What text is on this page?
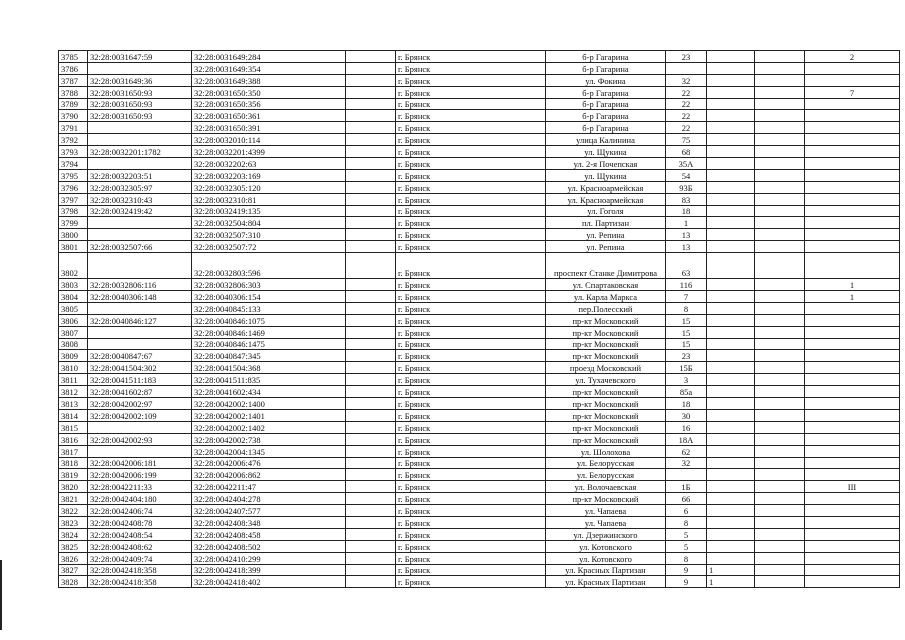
3785	32:28:0031647:59	32:28:0031649:284		г. Брянск	б-р Гагарина	23			2
3786		32:28:0031649:354		г. Брянск	б-р Гагарина				
3787	32:28:0031649:36	32:28:0031649:388		г. Брянск	ул. Фокина	32			
3788	32:28:0031650:93	32:28:0031650:350		г. Брянск	б-р Гагарина	22			7
3789	32:28:0031650:93	32:28:0031650:356		г. Брянск	б-р Гагарина	22			
3790	32:28:0031650:93	32:28:0031650:361		г. Брянск	б-р Гагарина	22			
3791		32:28:0031650:391		г. Брянск	б-р Гагарина	22			
3792		32:28:0032010:114		г. Брянск	улица Калинина	75			
3793	32:28:0032201:1782	32:28:0032201:4399		г. Брянск	ул. Щукина	68			
3794		32:28:0032202:63		г. Брянск	ул. 2-я Почепская	35А			
3795	32:28:0032203:51	32:28:0032203:169		г. Брянск	ул. Щукина	54			
3796	32:28:0032305:97	32:28:0032305:120		г. Брянск	ул. Красноармейская	93Б			
3797	32:28:0032310:43	32:28:0032310:81		г. Брянск	ул. Красноармейская	83			
3798	32:28:0032419:42	32:28:0032419:135		г. Брянск	ул. Гоголя	18			
3799		32:28:0032504:804		г. Брянск	пл. Партизан	1			
3800		32:28:0032507:310		г. Брянск	ул. Репина	13			
3801	32:28:0032507:66	32:28:0032507:72		г. Брянск	ул. Репина	13			
3802		32:28:0032803:596		г. Брянск	проспект Станке Димитрова	63			
3803	32:28:0032806:116	32:28:0032806:303		г. Брянск	ул. Спартаковская	116			1
3804	32:28:0040306:148	32:28:0040306:154		г. Брянск	ул. Карла Маркса	7			1
3805		32:28:0040845:133		г. Брянск	пер.Полесский	8			
3806	32:28:0040846:127	32:28:0040846:1075		г. Брянск	пр-кт Московский	15			
3807		32:28:0040846:1469		г. Брянск	пр-кт Московский	15			
3808		32:28:0040846:1475		г. Брянск	пр-кт Московский	15			
3809	32:28:0040847:67	32:28:0040847:345		г. Брянск	пр-кт Московский	23			
3810	32:28:0041504:302	32:28:0041504:368		г. Брянск	проезд Московский	15Б			
3811	32:28:0041511:183	32:28:0041511:835		г. Брянск	ул. Тухачевского	3			
3812	32:28:0041602:87	32:28:0041602:434		г. Брянск	пр-кт Московский	85а			
3813	32:28:0042002:97	32:28:0042002:1400		г. Брянск	пр-кт Московский	18			
3814	32:28:0042002:109	32:28:0042002:1401		г. Брянск	пр-кт Московский	30			
3815		32:28:0042002:1402		г. Брянск	пр-кт Московский	16			
3816	32:28:0042002:93	32:28:0042002:738		г. Брянск	пр-кт Московский	18А			
3817		32:28:0042004:1345		г. Брянск	ул. Шолохова	62			
3818	32:28:0042006:181	32:28:0042006:476		г. Брянск	ул. Белорусская	32			
3819	32:28:0042006:199	32:28:0042006:862		г. Брянск	ул. Белорусская				
3820	32:28:0042211:33	32:28:0042211:47		г. Брянск	ул. Волочаевская	1Б			III
3821	32:28:0042404:180	32:28:0042404:278		г. Брянск	пр-кт Московский	66			
3822	32:28:0042406:74	32:28:0042407:577		г. Брянск	ул. Чапаева	6			
3823	32:28:0042408:78	32:28:0042408:348		г. Брянск	ул. Чапаева	8			
3824	32:28:0042408:54	32:28:0042408:458		г. Брянск	ул. Дзержинского	5			
3825	32:28:0042408:62	32:28:0042408:502		г. Брянск	ул. Котовского	5			
3826	32:28:0042409:74	32:28:0042410:299		г. Брянск	ул. Котовского	8			
3827	32:28:0042418:358	32:28:0042418:399		г. Брянск	ул. Красных Партизан	9	1		
3828	32:28:0042418:358	32:28:0042418:402		г. Брянск	ул. Красных Партизан	9	1		
